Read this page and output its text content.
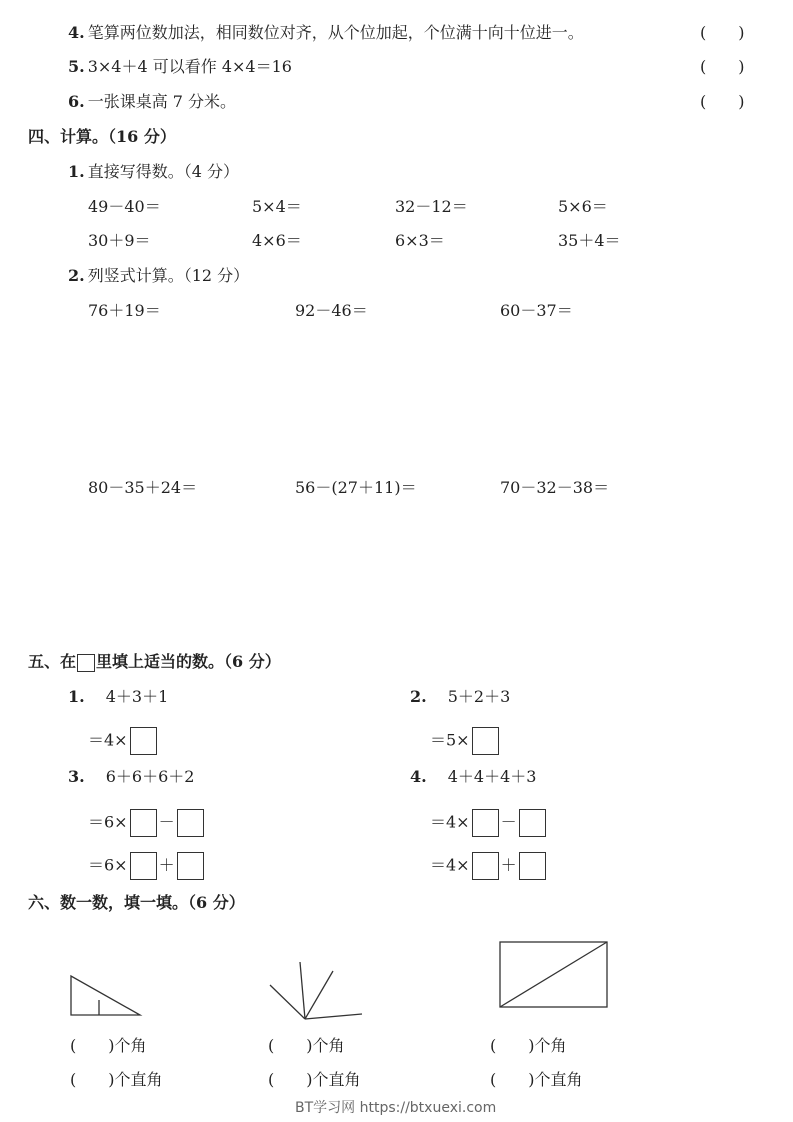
4. 笔算两位数加法，相同数位对齐，从个位加起，个位满十向十位进一。	(　　)
5. 3×4＋4 可以看作 4×4＝16	(　　)
6. 一张课桌高 7 分米。	(　　)
四、计算。（16 分）
1. 直接写得数。（4 分）
49－40＝	5×4＝	32－12＝	5×6＝
30＋9＝	4×6＝	6×3＝	35＋4＝
2. 列竖式计算。（12 分）
76＋19＝	92－46＝	60－37＝
80－35＋24＝	56－(27＋11)＝	70－32－38＝
五、在 里填上适当的数。（6 分）
1. 4＋3＋1
＝4×
2. 5＋2＋3
＝5×
3. 6＋6＋6＋2
＝6× －
＝6× ＋
4. 4＋4＋4＋3
＝4× －
＝4× ＋
六、数一数，填一填。（6 分）
(　　)个角
(　　)个直角
(　　)个角
(　　)个直角
(　　)个角
(　　)个直角
BT学习网 https://btxuexi.com
